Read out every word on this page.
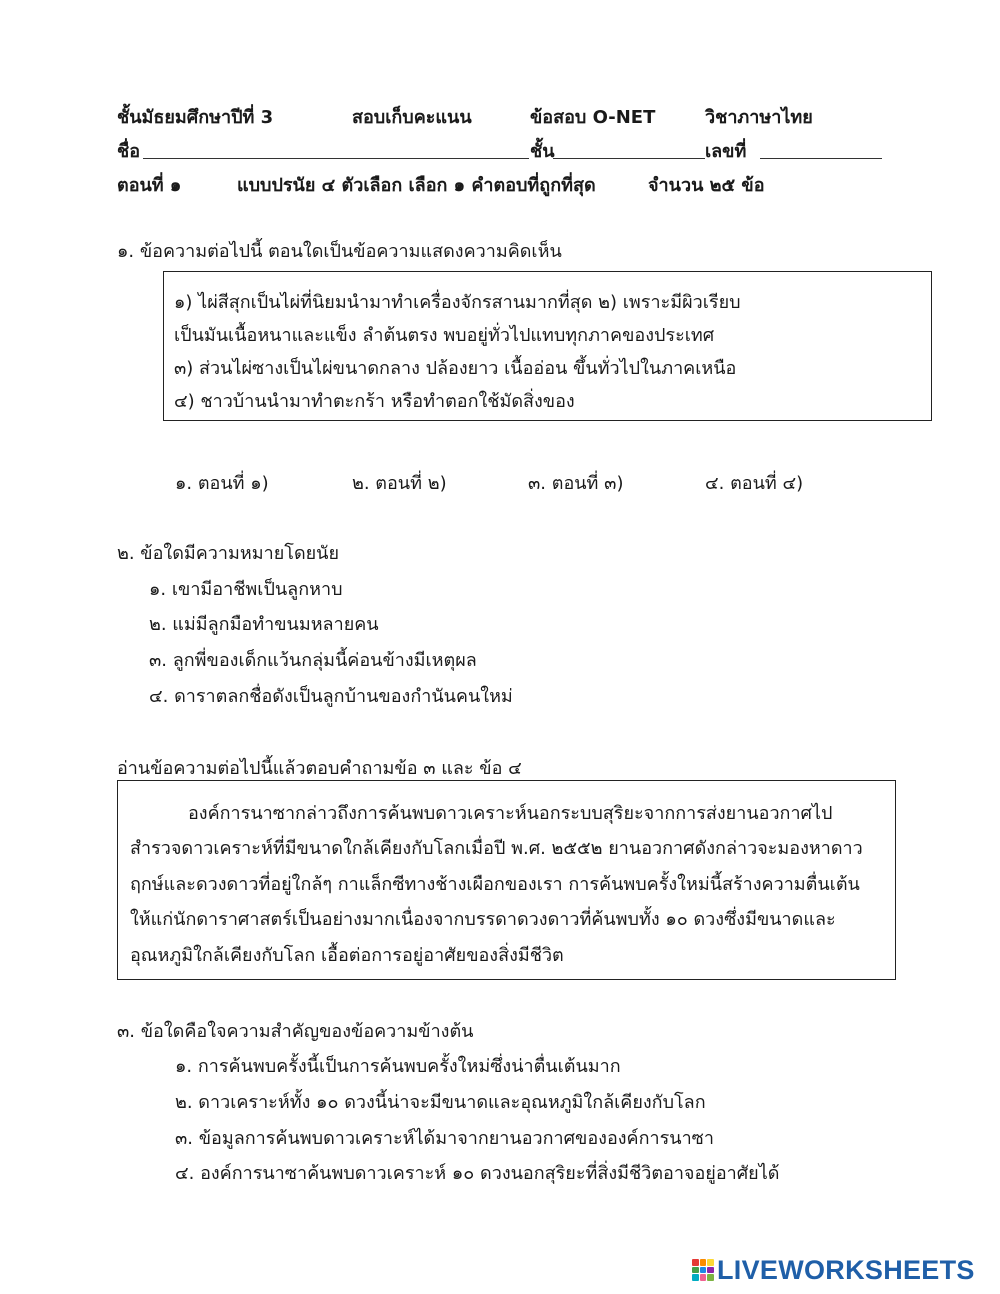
ชั้นมัธยมศึกษาปีที่ 3	สอบเก็บคะแนน	ข้อสอบ O-NET	วิชาภาษาไทย
ชื่อ	ชั้น	เลขที่
ตอนที่ ๑	แบบปรนัย ๔ ตัวเลือก เลือก ๑ คำตอบที่ถูกที่สุด	จำนวน ๒๕ ข้อ
๑. ข้อความต่อไปนี้ ตอนใดเป็นข้อความแสดงความคิดเห็น
๑) ไผ่สีสุกเป็นไผ่ที่นิยมนำมาทำเครื่องจักรสานมากที่สุด ๒) เพราะมีผิวเรียบ
เป็นมันเนื้อหนาและแข็ง ลำต้นตรง พบอยู่ทั่วไปแทบทุกภาคของประเทศ
๓) ส่วนไผ่ซางเป็นไผ่ขนาดกลาง ปล้องยาว เนื้ออ่อน ขึ้นทั่วไปในภาคเหนือ
๔) ชาวบ้านนำมาทำตะกร้า หรือทำตอกใช้มัดสิ่งของ
๑. ตอนที่ ๑)	๒. ตอนที่ ๒)	๓. ตอนที่ ๓)	๔. ตอนที่ ๔)
๒. ข้อใดมีความหมายโดยนัย
๑. เขามีอาชีพเป็นลูกหาบ
๒. แม่มีลูกมือทำขนมหลายคน
๓. ลูกพี่ของเด็กแว้นกลุ่มนี้ค่อนข้างมีเหตุผล
๔. ดาราตลกชื่อดังเป็นลูกบ้านของกำนันคนใหม่
อ่านข้อความต่อไปนี้แล้วตอบคำถามข้อ ๓ และ ข้อ ๔
องค์การนาซากล่าวถึงการค้นพบดาวเคราะห์นอกระบบสุริยะจากการส่งยานอวกาศไป
สำรวจดาวเคราะห์ที่มีขนาดใกล้เคียงกับโลกเมื่อปี พ.ศ. ๒๕๕๒ ยานอวกาศดังกล่าวจะมองหาดาว
ฤกษ์และดวงดาวที่อยู่ใกล้ๆ กาแล็กซีทางช้างเผือกของเรา การค้นพบครั้งใหม่นี้สร้างความตื่นเต้น
ให้แก่นักดาราศาสตร์เป็นอย่างมากเนื่องจากบรรดาดวงดาวที่ค้นพบทั้ง ๑๐ ดวงซึ่งมีขนาดและ
อุณหภูมิใกล้เคียงกับโลก เอื้อต่อการอยู่อาศัยของสิ่งมีชีวิต
๓. ข้อใดคือใจความสำคัญของข้อความข้างต้น
๑. การค้นพบครั้งนี้เป็นการค้นพบครั้งใหม่ซึ่งน่าตื่นเต้นมาก
๒. ดาวเคราะห์ทั้ง ๑๐ ดวงนี้น่าจะมีขนาดและอุณหภูมิใกล้เคียงกับโลก
๓. ข้อมูลการค้นพบดาวเคราะห์ได้มาจากยานอวกาศขององค์การนาซา
๔. องค์การนาซาค้นพบดาวเคราะห์ ๑๐ ดวงนอกสุริยะที่สิ่งมีชีวิตอาจอยู่อาศัยได้
LIVEWORKSHEETS
